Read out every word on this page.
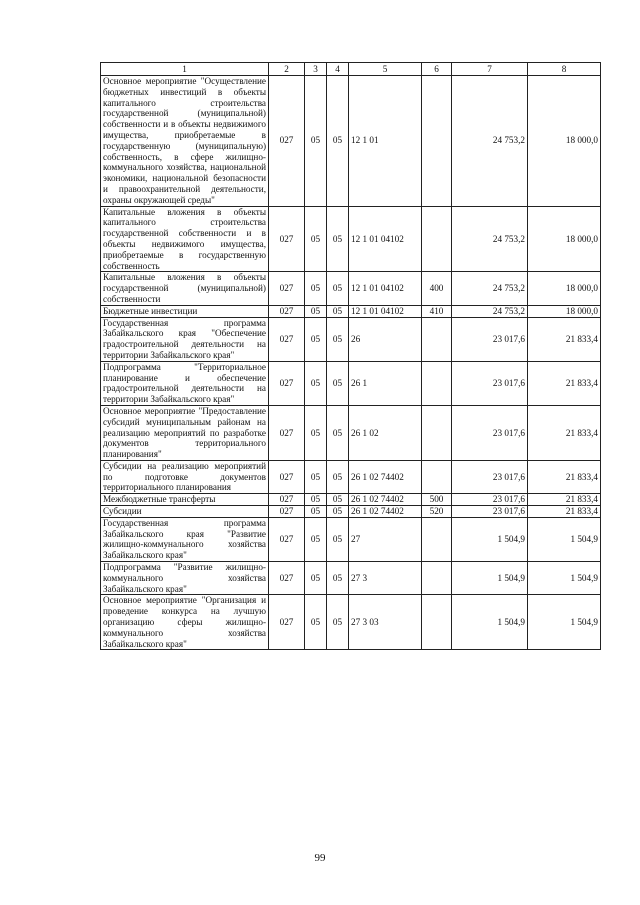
1	2	3	4	5	6	7	8
Основное мероприятие "Осуществление бюджетных инвестиций в объекты капитального строительства государственной (муниципальной) собственности и в объекты недвижимого имущества, приобретаемые в государственную (муниципальную) собственность, в сфере жилищно-коммунального хозяйства, национальной экономики, национальной безопасности и правоохранительной деятельности, охраны окружающей среды"	027	05	05	12 1 01		24 753,2	18 000,0
Капитальные вложения в объекты капитального строительства государственной собственности и в объекты недвижимого имущества, приобретаемые в государственную собственность	027	05	05	12 1 01 04102		24 753,2	18 000,0
Капитальные вложения в объекты государственной (муниципальной) собственности	027	05	05	12 1 01 04102	400	24 753,2	18 000,0
Бюджетные инвестиции	027	05	05	12 1 01 04102	410	24 753,2	18 000,0
Государственная программа Забайкальского края "Обеспечение градостроительной деятельности на территории Забайкальского края"	027	05	05	26		23 017,6	21 833,4
Подпрограмма "Территориальное планирование и обеспечение градостроительной деятельности на территории Забайкальского края"	027	05	05	26 1		23 017,6	21 833,4
Основное мероприятие "Предоставление субсидий муниципальным районам на реализацию мероприятий по разработке документов территориального планирования"	027	05	05	26 1 02		23 017,6	21 833,4
Субсидии на реализацию мероприятий по подготовке документов территориального планирования	027	05	05	26 1 02 74402		23 017,6	21 833,4
Межбюджетные трансферты	027	05	05	26 1 02 74402	500	23 017,6	21 833,4
Субсидии	027	05	05	26 1 02 74402	520	23 017,6	21 833,4
Государственная программа Забайкальского края "Развитие жилищно-коммунального хозяйства Забайкальского края"	027	05	05	27		1 504,9	1 504,9
Подпрограмма "Развитие жилищно-коммунального хозяйства Забайкальского края"	027	05	05	27 3		1 504,9	1 504,9
Основное мероприятие "Организация и проведение конкурса на лучшую организацию сферы жилищно-коммунального хозяйства Забайкальского края"	027	05	05	27 3 03		1 504,9	1 504,9
99
